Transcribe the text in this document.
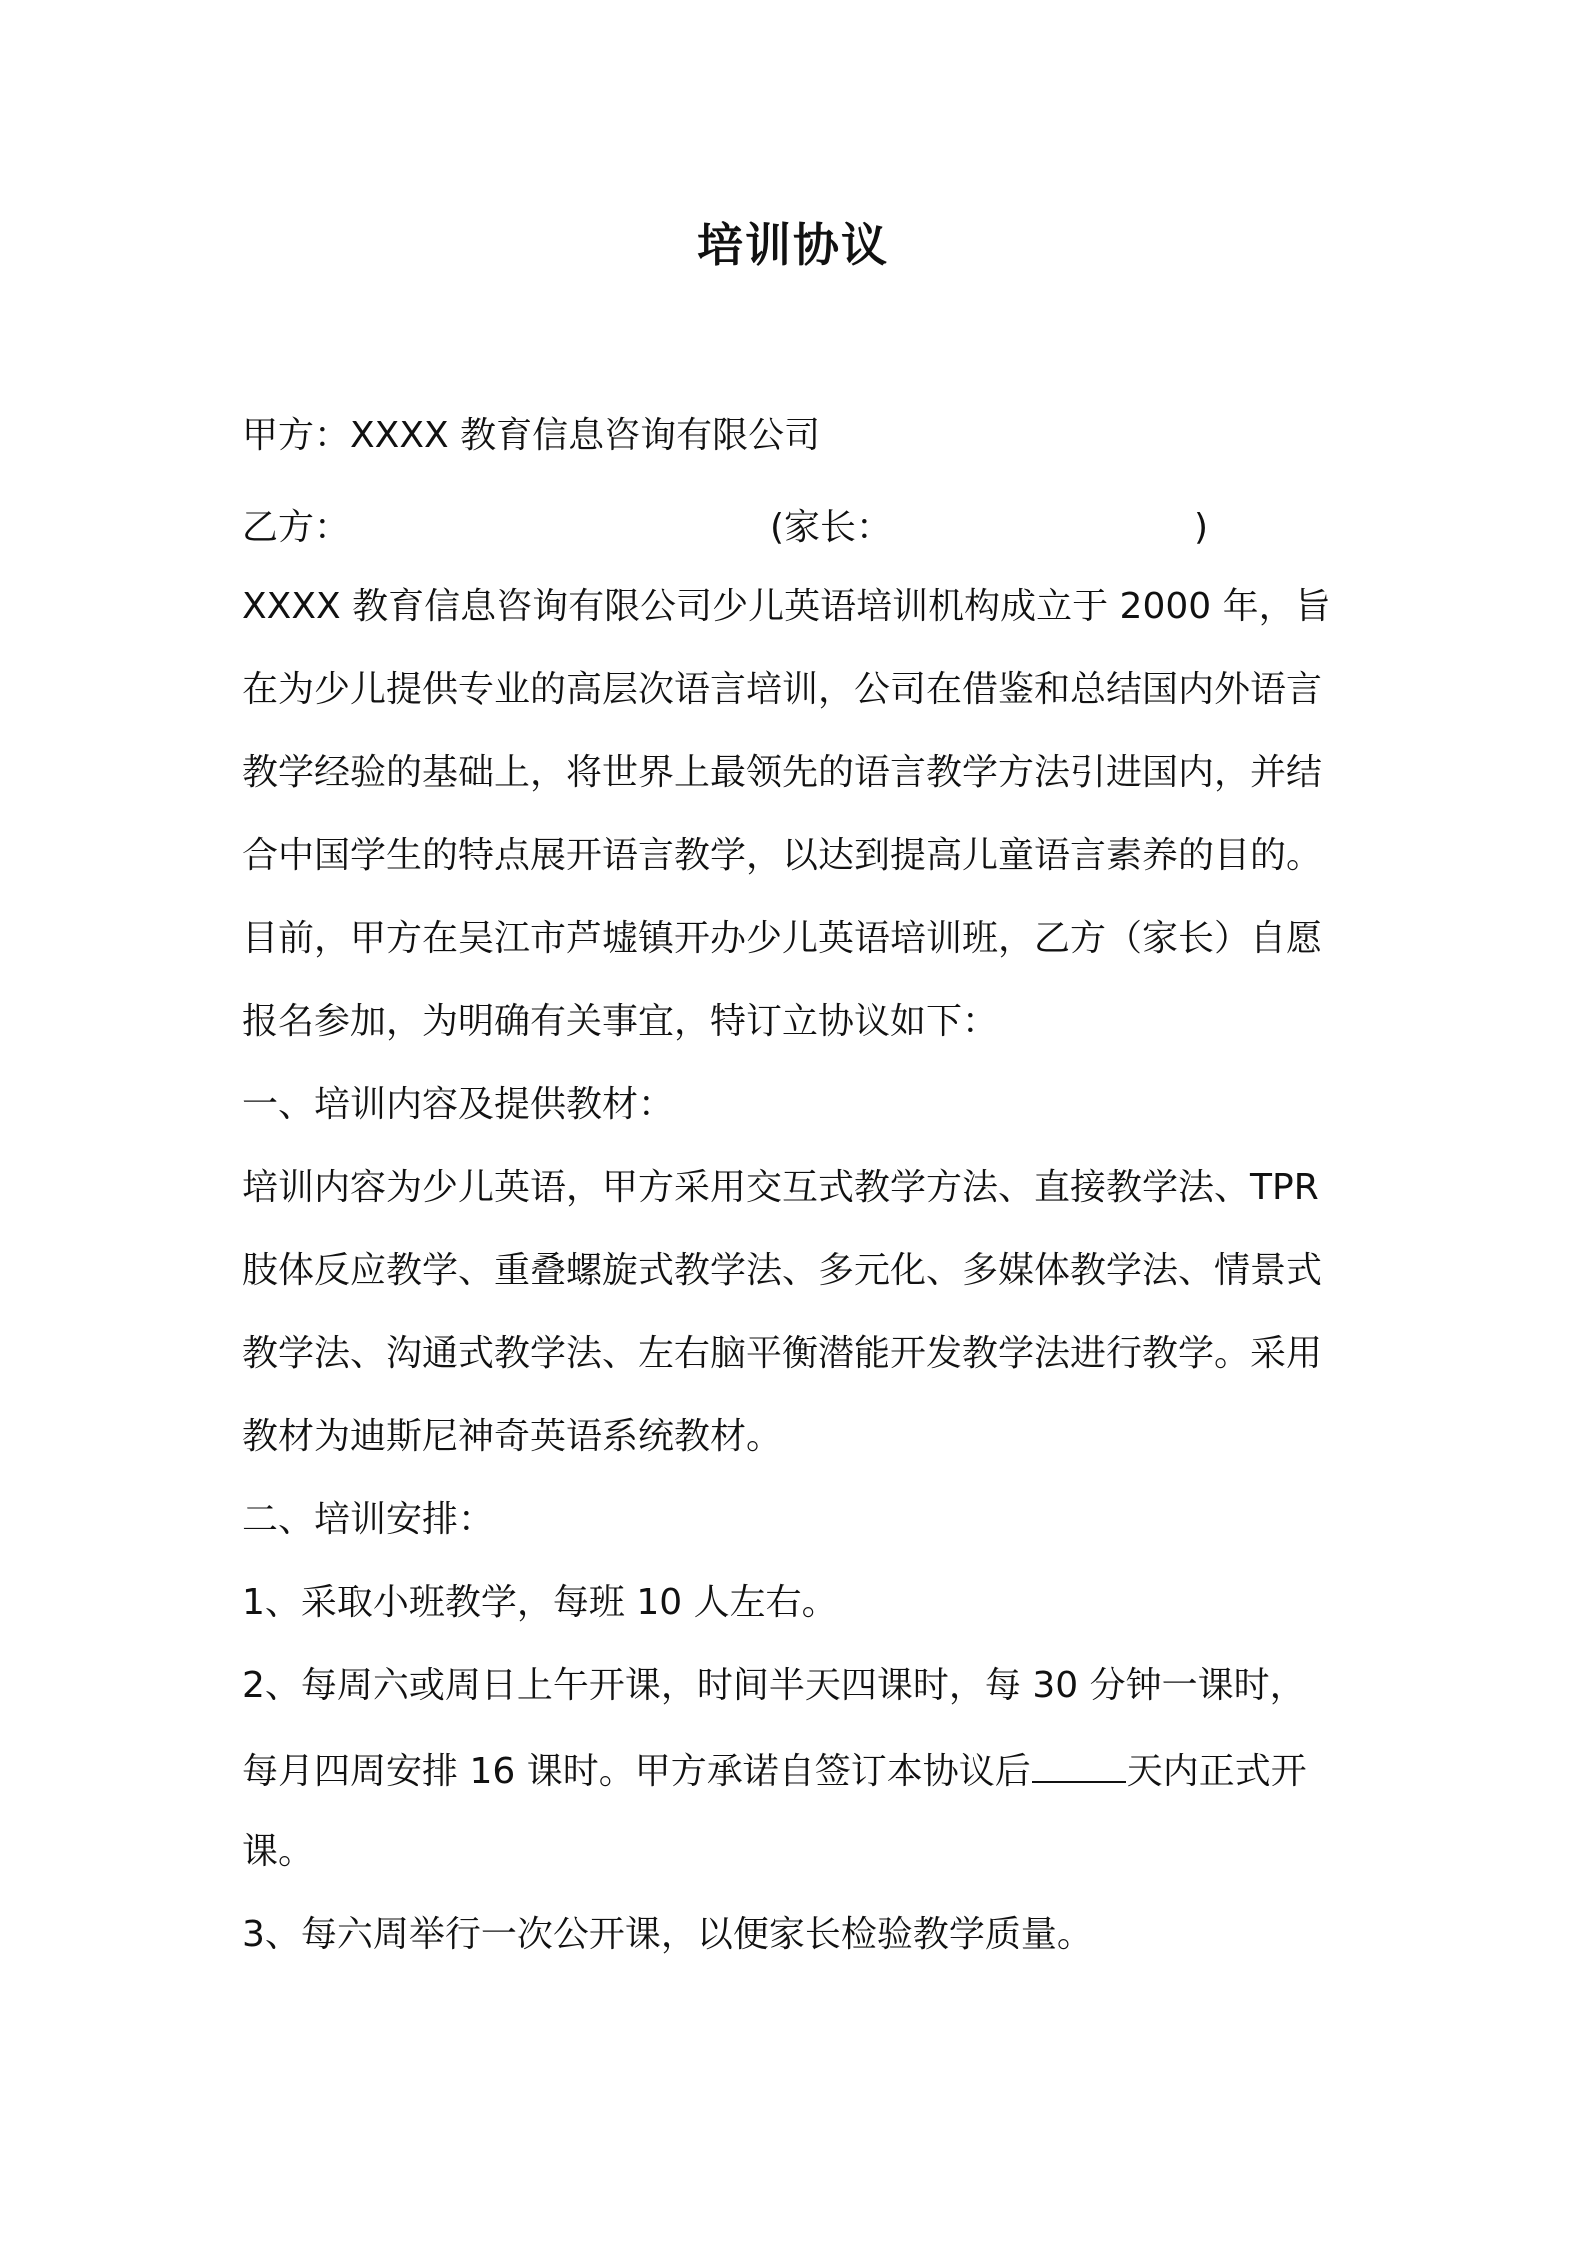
培训协议
甲方：XXXX 教育信息咨询有限公司
乙方：	(家长：	)
XXXX 教育信息咨询有限公司少儿英语培训机构成立于 2000 年，旨
在为少儿提供专业的高层次语言培训，公司在借鉴和总结国内外语言
教学经验的基础上，将世界上最领先的语言教学方法引进国内，并结
合中国学生的特点展开语言教学，以达到提高儿童语言素养的目的。
目前，甲方在吴江市芦墟镇开办少儿英语培训班，乙方（家长）自愿
报名参加，为明确有关事宜，特订立协议如下：
一、培训内容及提供教材：
培训内容为少儿英语，甲方采用交互式教学方法、直接教学法、TPR
肢体反应教学、重叠螺旋式教学法、多元化、多媒体教学法、情景式
教学法、沟通式教学法、左右脑平衡潜能开发教学法进行教学。采用
教材为迪斯尼神奇英语系统教材。
二、培训安排：
1、采取小班教学，每班 10 人左右。
2、每周六或周日上午开课，时间半天四课时，每 30 分钟一课时，
每月四周安排 16 课时。甲方承诺自签订本协议后	天内正式开
课。
3、每六周举行一次公开课，以便家长检验教学质量。
